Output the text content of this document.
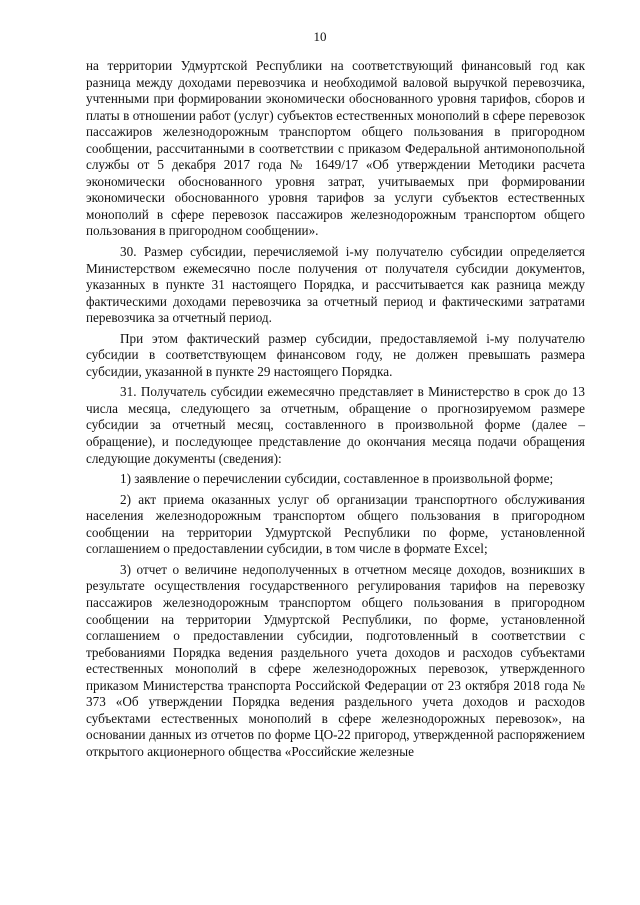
10

на территории Удмуртской Республики на соответствующий финансовый год как разница между доходами перевозчика и необходимой валовой выручкой перевозчика, учтенными при формировании экономически обоснованного уровня тарифов, сборов и платы в отношении работ (услуг) субъектов естественных монополий в сфере перевозок пассажиров железнодорожным транспортом общего пользования в пригородном сообщении, рассчитанными в соответствии с приказом Федеральной антимонопольной службы от 5 декабря 2017 года № 1649/17 «Об утверждении Методики расчета экономически обоснованного уровня затрат, учитываемых при формировании экономически обоснованного уровня тарифов за услуги субъектов естественных монополий в сфере перевозок пассажиров железнодорожным транспортом общего пользования в пригородном сообщении».

30. Размер субсидии, перечисляемой i-му получателю субсидии определяется Министерством ежемесячно после получения от получателя субсидии документов, указанных в пункте 31 настоящего Порядка, и рассчитывается как разница между фактическими доходами перевозчика за отчетный период и фактическими затратами перевозчика за отчетный период.

При этом фактический размер субсидии, предоставляемой i-му получателю субсидии в соответствующем финансовом году, не должен превышать размера субсидии, указанной в пункте 29 настоящего Порядка.

31. Получатель субсидии ежемесячно представляет в Министерство в срок до 13 числа месяца, следующего за отчетным, обращение о прогнозируемом размере субсидии за отчетный месяц, составленного в произвольной форме (далее – обращение), и последующее представление до окончания месяца подачи обращения следующие документы (сведения):

1) заявление о перечислении субсидии, составленное в произвольной форме;

2) акт приема оказанных услуг об организации транспортного обслуживания населения железнодорожным транспортом общего пользования в пригородном сообщении на территории Удмуртской Республики по форме, установленной соглашением о предоставлении субсидии, в том числе в формате Excel;

3) отчет о величине недополученных в отчетном месяце доходов, возникших в результате осуществления государственного регулирования тарифов на перевозку пассажиров железнодорожным транспортом общего пользования в пригородном сообщении на территории Удмуртской Республики, по форме, установленной соглашением о предоставлении субсидии, подготовленный в соответствии с требованиями Порядка ведения раздельного учета доходов и расходов субъектами естественных монополий в сфере железнодорожных перевозок, утвержденного приказом Министерства транспорта Российской Федерации от 23 октября 2018 года № 373 «Об утверждении Порядка ведения раздельного учета доходов и расходов субъектами естественных монополий в сфере железнодорожных перевозок», на основании данных из отчетов по форме ЦО-22 пригород, утвержденной распоряжением открытого акционерного общества «Российские железные
